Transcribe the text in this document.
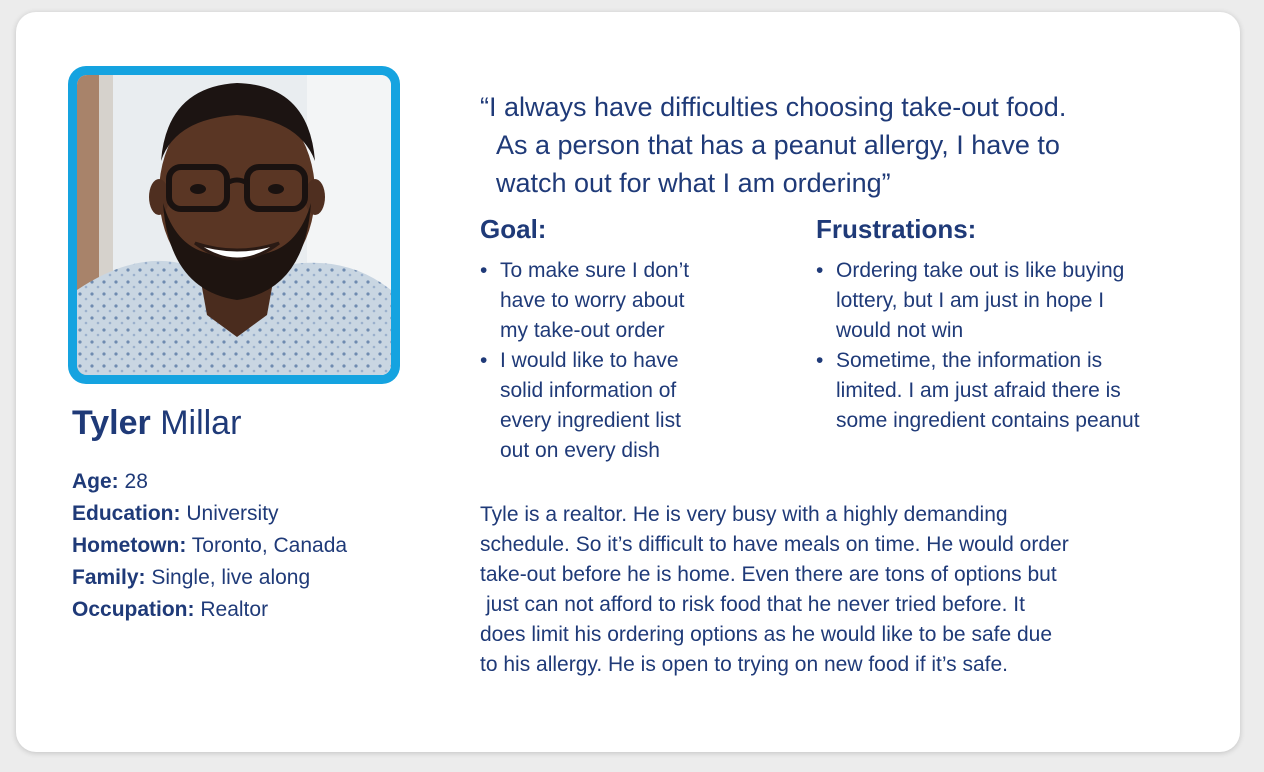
Tyler Millar
Age: 28
Education: University
Hometown: Toronto, Canada
Family: Single, live along
Occupation: Realtor
“I always have difficulties choosing take-out food.
As a person that has a peanut allergy, I have to
watch out for what I am ordering”
Goal:
• To make sure I don’t
have to worry about
my take-out order
• I would like to have
solid information of
every ingredient list
out on every dish
Frustrations:
• Ordering take out is like buying
lottery, but I am just in hope I
would not win
• Sometime, the information is
limited. I am just afraid there is
some ingredient contains peanut
Tyle is a realtor. He is very busy with a highly demanding
schedule. So it’s difficult to have meals on time. He would order
take-out before he is home. Even there are tons of options but
just can not afford to risk food that he never tried before. It
does limit his ordering options as he would like to be safe due
to his allergy. He is open to trying on new food if it’s safe.
